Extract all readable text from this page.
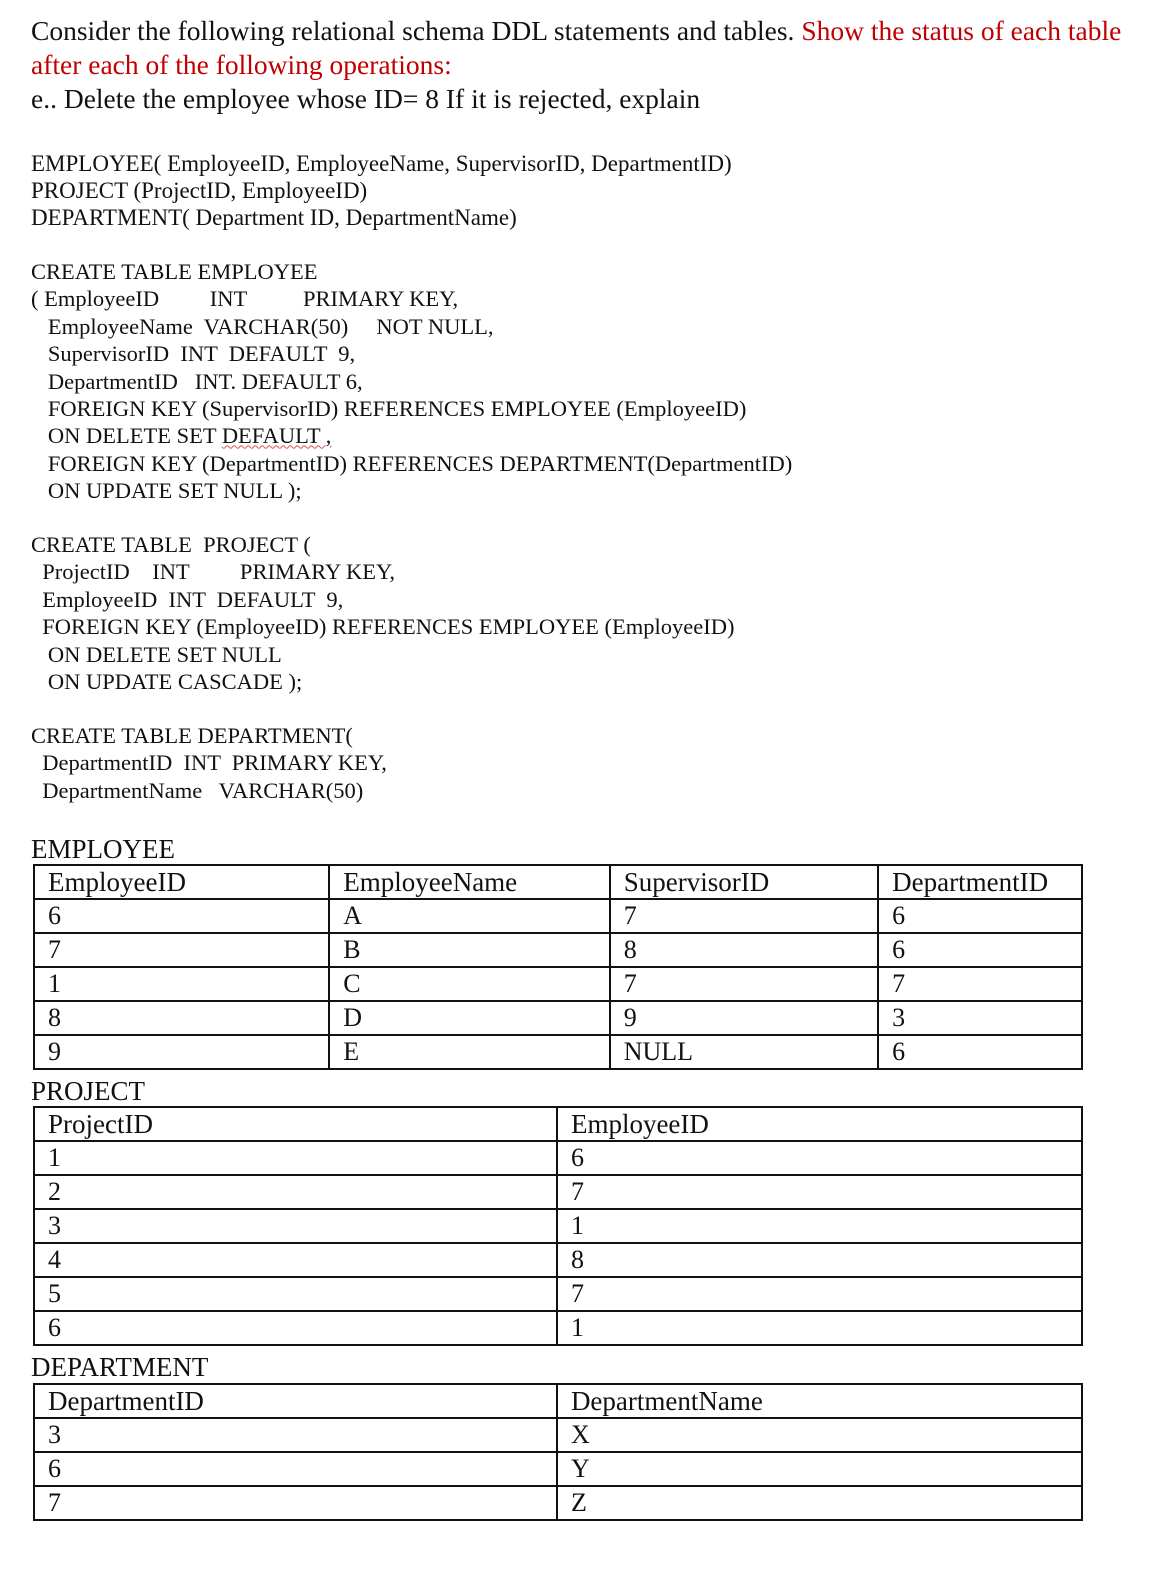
Consider the following relational schema DDL statements and tables. Show the status of each table after each of the following operations:
e.. Delete the employee whose ID= 8 If it is rejected, explain
EMPLOYEE( EmployeeID, EmployeeName, SupervisorID, DepartmentID)
PROJECT (ProjectID, EmployeeID)
DEPARTMENT( Department ID, DepartmentName)
CREATE TABLE EMPLOYEE
( EmployeeID         INT          PRIMARY KEY,
EmployeeName  VARCHAR(50)     NOT NULL,
SupervisorID  INT  DEFAULT  9,
DepartmentID   INT. DEFAULT 6,
FOREIGN KEY (SupervisorID) REFERENCES EMPLOYEE (EmployeeID)
ON DELETE SET DEFAULT ,
FOREIGN KEY (DepartmentID) REFERENCES DEPARTMENT(DepartmentID)
ON UPDATE SET NULL );
CREATE TABLE  PROJECT (
ProjectID    INT         PRIMARY KEY,
EmployeeID  INT  DEFAULT  9,
FOREIGN KEY (EmployeeID) REFERENCES EMPLOYEE (EmployeeID)
ON DELETE SET NULL
ON UPDATE CASCADE );
CREATE TABLE DEPARTMENT(
DepartmentID  INT  PRIMARY KEY,
DepartmentName   VARCHAR(50)
EMPLOYEE
EmployeeID	EmployeeName	SupervisorID	DepartmentID
6	A	7	6
7	B	8	6
1	C	7	7
8	D	9	3
9	E	NULL	6
PROJECT
ProjectID	EmployeeID
1	6
2	7
3	1
4	8
5	7
6	1
DEPARTMENT
DepartmentID	DepartmentName
3	X
6	Y
7	Z
